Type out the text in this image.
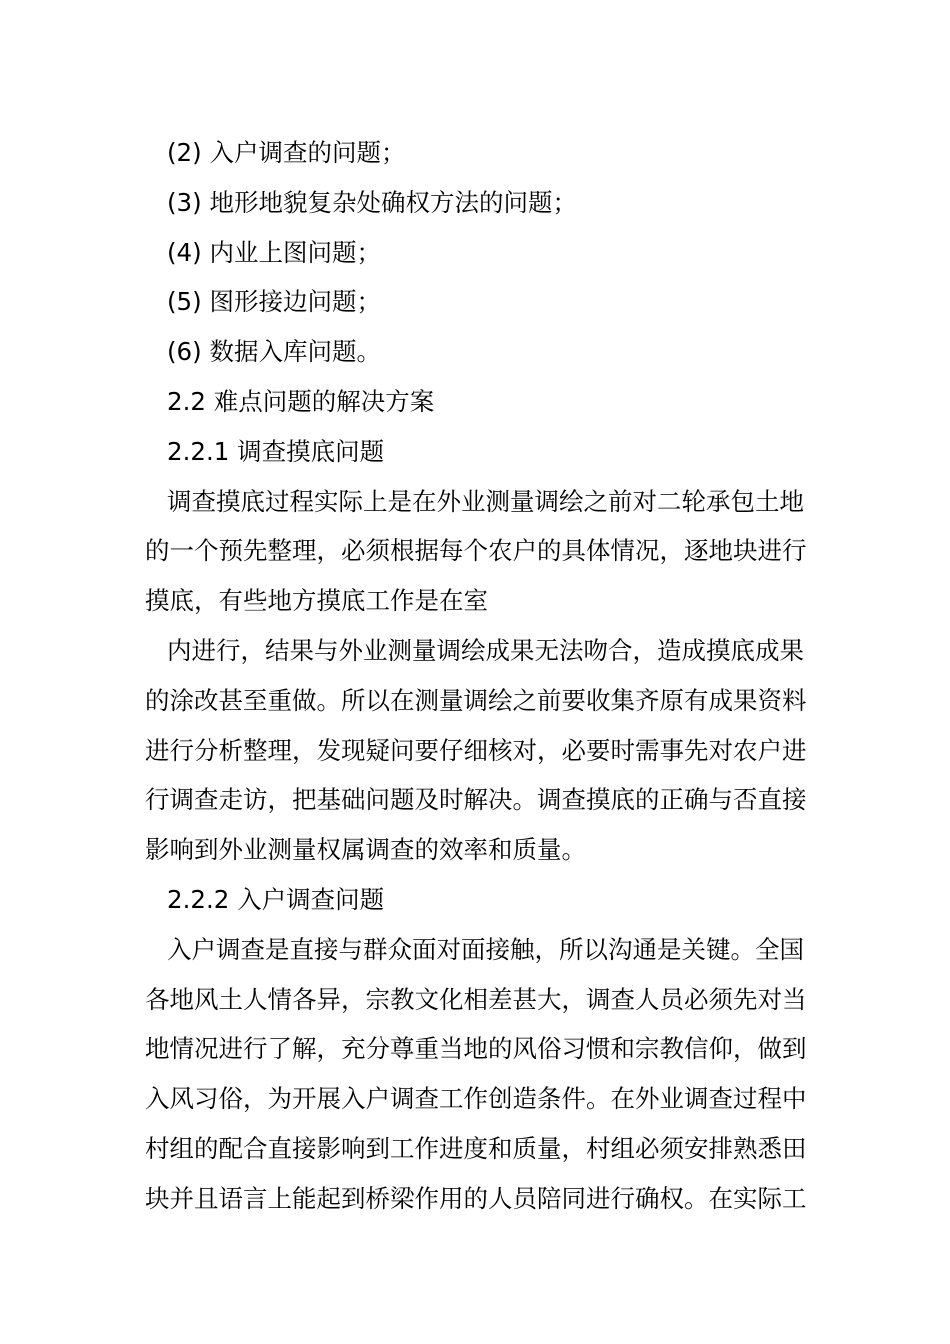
(2) 入户调查的问题；
(3) 地形地貌复杂处确权方法的问题；
(4) 内业上图问题；
(5) 图形接边问题；
(6) 数据入库问题。
2.2 难点问题的解决方案
2.2.1 调查摸底问题
调查摸底过程实际上是在外业测量调绘之前对二轮承包土地
的一个预先整理，必须根据每个农户的具体情况，逐地块进行
摸底，有些地方摸底工作是在室
内进行，结果与外业测量调绘成果无法吻合，造成摸底成果
的涂改甚至重做。所以在测量调绘之前要收集齐原有成果资料
进行分析整理，发现疑问要仔细核对，必要时需事先对农户进
行调查走访，把基础问题及时解决。调查摸底的正确与否直接
影响到外业测量权属调查的效率和质量。
2.2.2 入户调查问题
入户调查是直接与群众面对面接触，所以沟通是关键。全国
各地风土人情各异，宗教文化相差甚大，调查人员必须先对当
地情况进行了解，充分尊重当地的风俗习惯和宗教信仰，做到
入风习俗，为开展入户调查工作创造条件。在外业调查过程中
村组的配合直接影响到工作进度和质量，村组必须安排熟悉田
块并且语言上能起到桥梁作用的人员陪同进行确权。在实际工
